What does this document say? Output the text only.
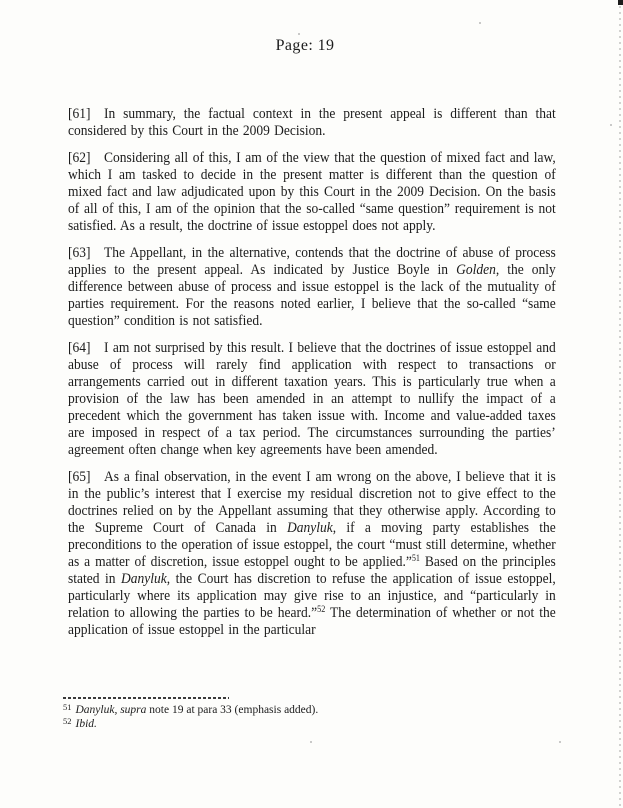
Page: 19

[61] In summary, the factual context in the present appeal is different than that considered by this Court in the 2009 Decision.

[62] Considering all of this, I am of the view that the question of mixed fact and law, which I am tasked to decide in the present matter is different than the question of mixed fact and law adjudicated upon by this Court in the 2009 Decision. On the basis of all of this, I am of the opinion that the so-called “same question” requirement is not satisfied. As a result, the doctrine of issue estoppel does not apply.

[63] The Appellant, in the alternative, contends that the doctrine of abuse of process applies to the present appeal. As indicated by Justice Boyle in Golden, the only difference between abuse of process and issue estoppel is the lack of the mutuality of parties requirement. For the reasons noted earlier, I believe that the so-called “same question” condition is not satisfied.

[64] I am not surprised by this result. I believe that the doctrines of issue estoppel and abuse of process will rarely find application with respect to transactions or arrangements carried out in different taxation years. This is particularly true when a provision of the law has been amended in an attempt to nullify the impact of a precedent which the government has taken issue with. Income and value-added taxes are imposed in respect of a tax period. The circumstances surrounding the parties’ agreement often change when key agreements have been amended.

[65] As a final observation, in the event I am wrong on the above, I believe that it is in the public’s interest that I exercise my residual discretion not to give effect to the doctrines relied on by the Appellant assuming that they otherwise apply. According to the Supreme Court of Canada in Danyluk, if a moving party establishes the preconditions to the operation of issue estoppel, the court “must still determine, whether as a matter of discretion, issue estoppel ought to be applied.”$^{51}$ Based on the principles stated in Danyluk, the Court has discretion to refuse the application of issue estoppel, particularly where its application may give rise to an injustice, and “particularly in relation to allowing the parties to be heard.”$^{52}$ The determination of whether or not the application of issue estoppel in the particular

$^{51}$ Danyluk, supra note 19 at para 33 (emphasis added).
$^{52}$ Ibid.
